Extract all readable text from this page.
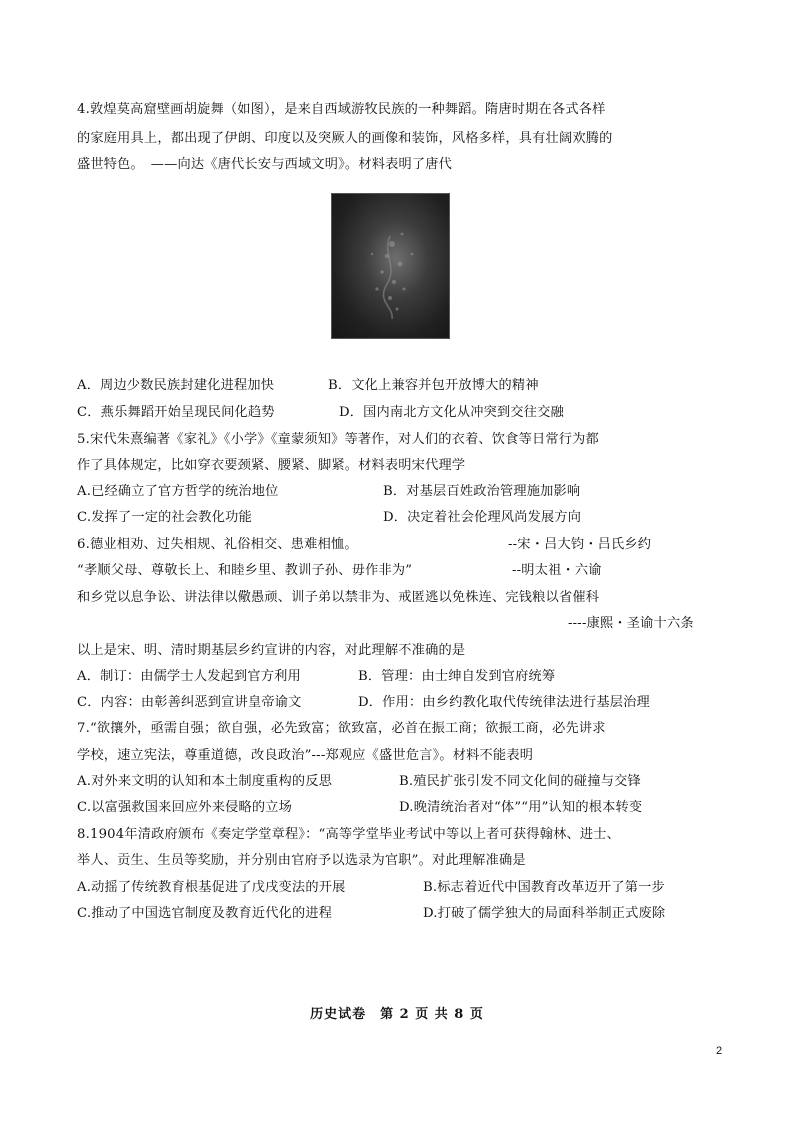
4.敦煌莫高窟壁画胡旋舞（如图），是来自西域游牧民族的一种舞蹈。隋唐时期在各式各样
的家庭用具上，都出现了伊朗、印度以及突厥人的画像和装饰，风格多样，具有壮阔欢腾的
盛世特色。　——向达《唐代长安与西域文明》。材料表明了唐代
A．周边少数民族封建化进程加快	B．文化上兼容并包开放博大的精神
C．燕乐舞蹈开始呈现民间化趋势	D．国内南北方文化从冲突到交往交融
5.宋代朱熹编著《家礼》《小学》《童蒙须知》等著作，对人们的衣着、饮食等日常行为都
作了具体规定，比如穿衣要颈紧、腰紧、脚紧。材料表明宋代理学
A.已经确立了官方哲学的统治地位	B．对基层百姓政治管理施加影响
C.发挥了一定的社会教化功能	D．决定着社会伦理风尚发展方向
6.德业相劝、过失相规、礼俗相交、患难相恤。	--宋・吕大钧・吕氏乡约
“孝顺父母、尊敬长上、和睦乡里、教训子孙、毋作非为”	--明太祖・六谕
和乡党以息争讼、讲法律以儆愚顽、训子弟以禁非为、戒匿逃以免株连、完钱粮以省催科
----康熙・圣谕十六条
以上是宋、明、清时期基层乡约宣讲的内容，对此理解不准确的是
A．制订：由儒学士人发起到官方利用	B．管理：由士绅自发到官府统筹
C．内容：由彰善纠恶到宣讲皇帝谕文	D．作用：由乡约教化取代传统律法进行基层治理
7.“欲攘外，亟需自强；欲自强，必先致富；欲致富，必首在振工商；欲振工商，必先讲求
学校，速立宪法，尊重道德，改良政治”---郑观应《盛世危言》。材料不能表明
A.对外来文明的认知和本土制度重构的反思	B.殖民扩张引发不同文化间的碰撞与交锋
C.以富强救国来回应外来侵略的立场	D.晚清统治者对“体”“用”认知的根本转变
8.1904年清政府颁布《奏定学堂章程》：“高等学堂毕业考试中等以上者可获得翰林、进士、
举人、贡生、生员等奖励，并分别由官府予以选录为官职”。对此理解准确是
A.动摇了传统教育根基促进了戊戌变法的开展	B.标志着近代中国教育改革迈开了第一步
C.推动了中国选官制度及教育近代化的进程	D.打破了儒学独大的局面科举制正式废除
历史试卷　第 2 页 共 8 页
2
